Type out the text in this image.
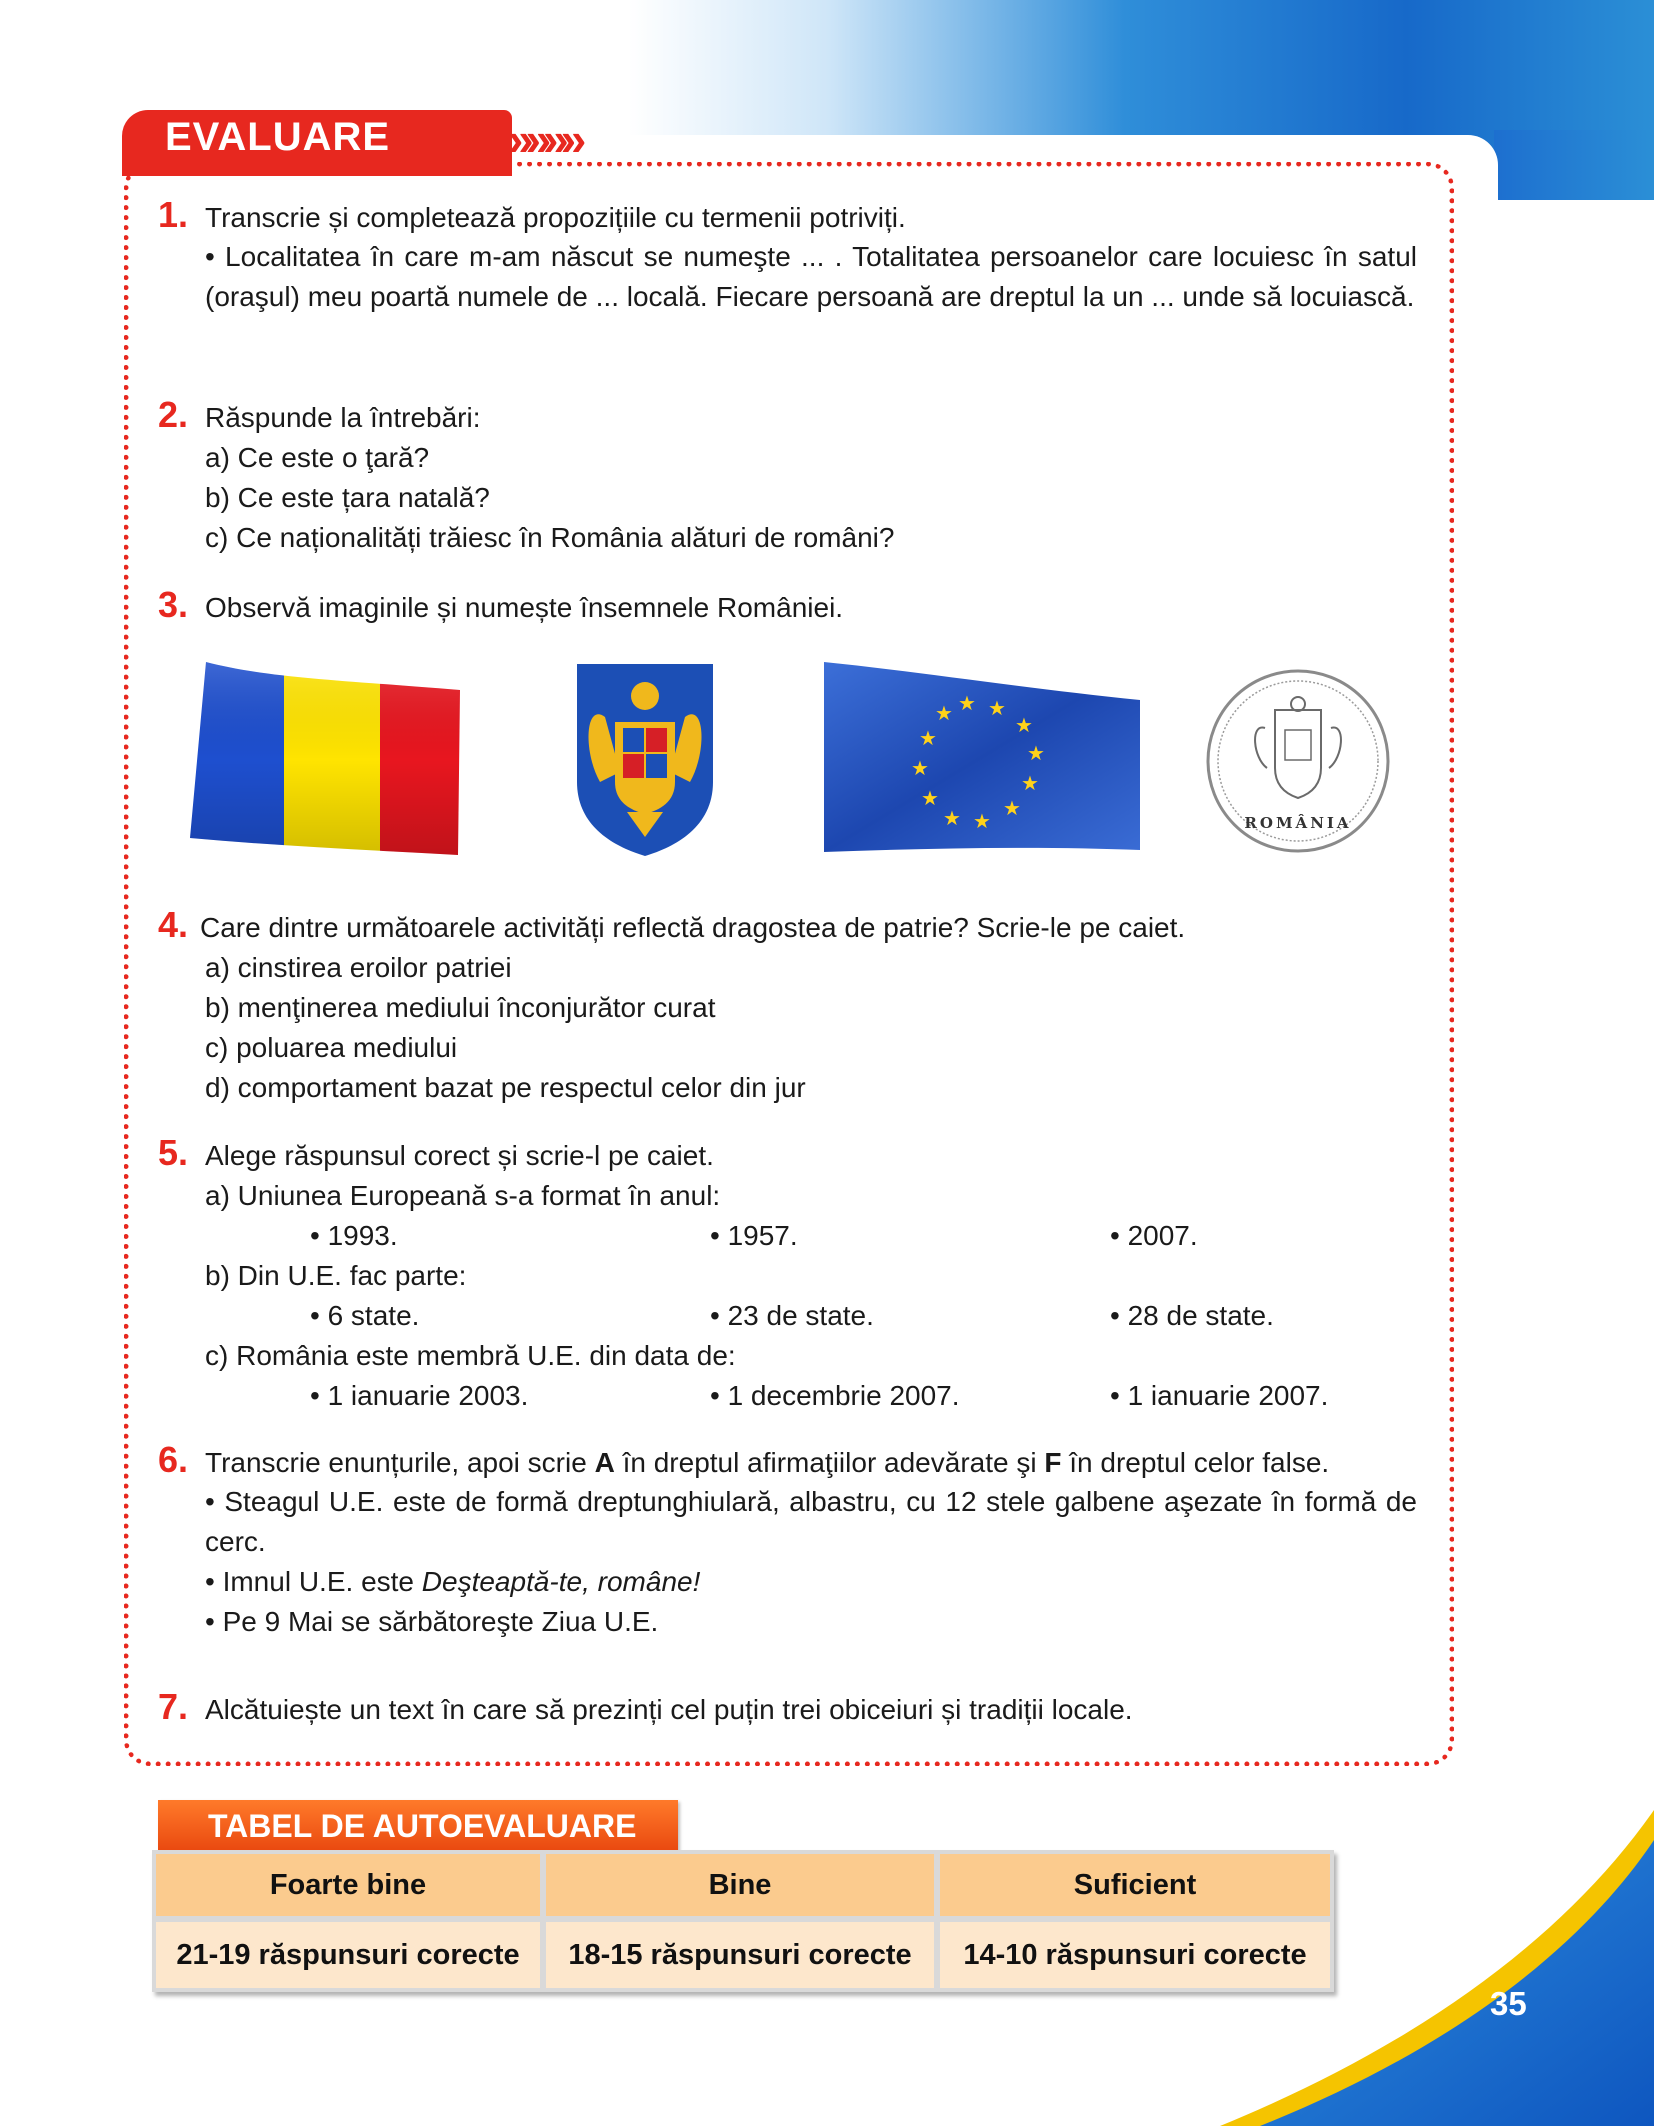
35
EVALUARE	»»»»
1. Transcrie și completează propozițiile cu termenii potriviți.
• Localitatea în care m-am născut se numeşte ... . Totalitatea persoanelor care locuiesc în satul (oraşul) meu poartă numele de ... locală. Fiecare persoană are dreptul la un ... unde să locuiască.
2. Răspunde la întrebări:
a) Ce este o ţară?
b) Ce este țara natală?
c) Ce naționalități trăiesc în România alături de români?
3. Observă imaginile și numește însemnele României.
★ ★
★
★
★
★
★
★
★
★
★
★
ROMÂNIA
4. Care dintre următoarele activități reflectă dragostea de patrie? Scrie-le pe caiet.
a) cinstirea eroilor patriei
b) menţinerea mediului înconjurător curat
c) poluarea mediului
d) comportament bazat pe respectul celor din jur
5. Alege răspunsul corect și scrie-l pe caiet.
a) Uniunea Europeană s-a format în anul:
• 1993.	• 1957.	• 2007.
b) Din U.E. fac parte:
• 6 state.	• 23 de state.	• 28 de state.
c) România este membră U.E. din data de:
• 1 ianuarie 2003.	• 1 decembrie 2007.	• 1 ianuarie 2007.
6. Transcrie enunțurile, apoi scrie A în dreptul afirmaţiilor adevărate şi F în dreptul celor false.
• Steagul U.E. este de formă dreptunghiulară, albastru, cu 12 stele galbene aşezate în formă de cerc.
• Imnul U.E. este Deşteaptă-te, române!
• Pe 9 Mai se sărbătoreşte Ziua U.E.
7. Alcătuiește un text în care să prezinți cel puțin trei obiceiuri și tradiții locale.
TABEL DE AUTOEVALUARE
Foarte bine	Bine	Suficient
21-19 răspunsuri corecte	18-15 răspunsuri corecte	14-10 răspunsuri corecte
